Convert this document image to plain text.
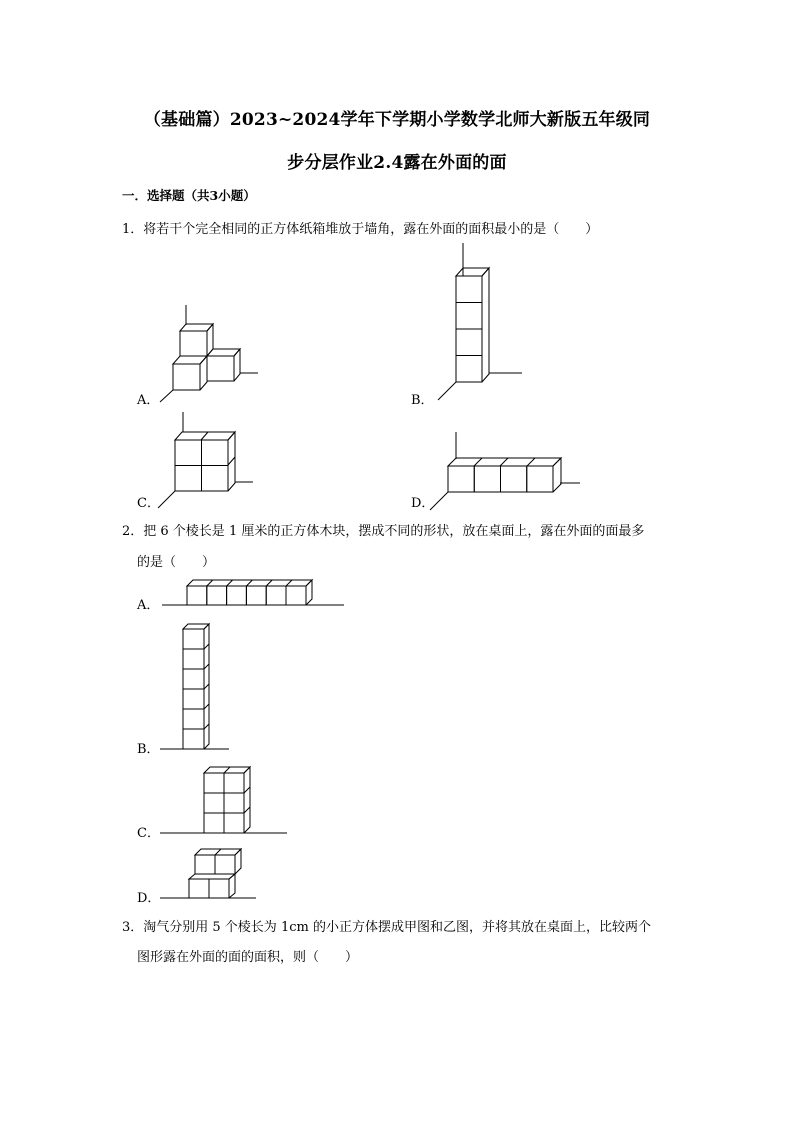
（基础篇）2023~2024学年下学期小学数学北师大新版五年级同
步分层作业2.4露在外面的面
一．选择题（共3小题）
1．将若干个完全相同的正方体纸箱堆放于墙角，露在外面的面积最小的是（　　）
A．	B．
C．	D．
2．把 6 个棱长是 1 厘米的正方体木块，摆成不同的形状，放在桌面上，露在外面的面最多
的是（　　）
A．
B．
C．
D．
3．淘气分别用 5 个棱长为 1cm 的小正方体摆成甲图和乙图，并将其放在桌面上，比较两个
图形露在外面的面的面积，则（　　）
